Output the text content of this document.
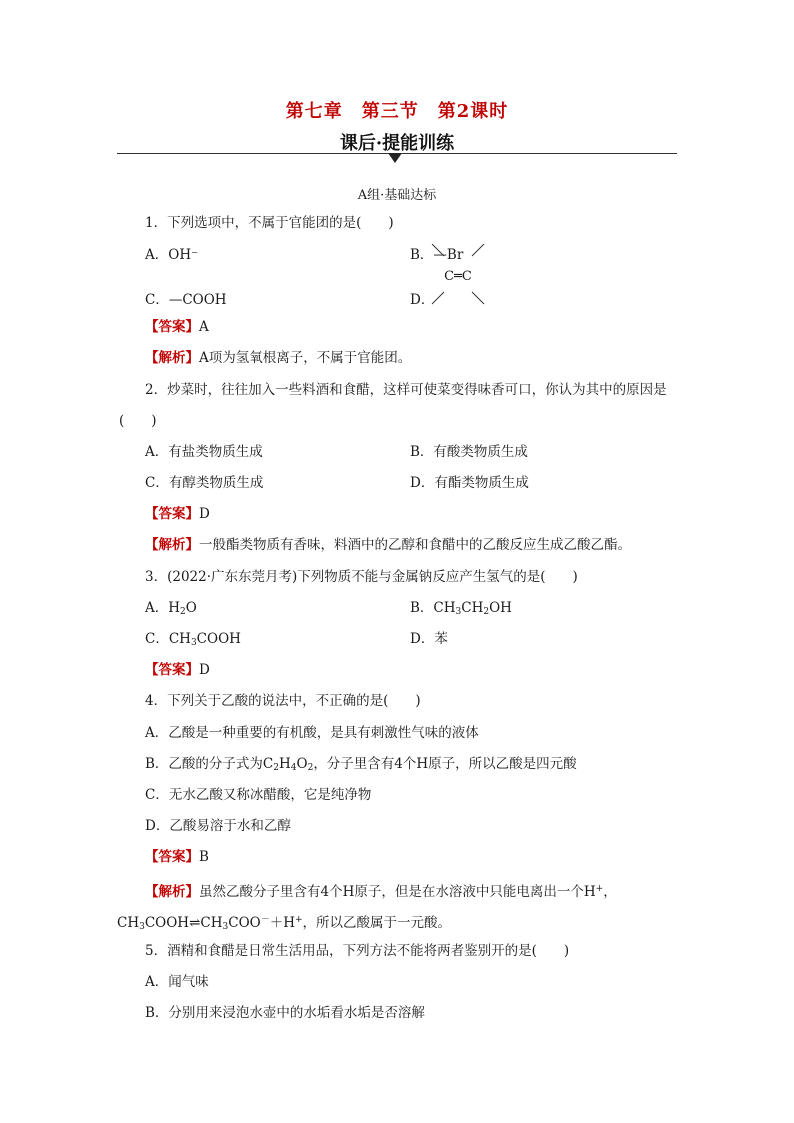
第七章　第三节　第2课时
课后·提能训练
A组·基础达标
1．下列选项中，不属于官能团的是(　　)
A．OH⁻	B．—Br
C．—COOH	D．
C═C
【答案】A
【解析】A项为氢氧根离子，不属于官能团。
2．炒菜时，往往加入一些料酒和食醋，这样可使菜变得味香可口，你认为其中的原因是
(　　)
A．有盐类物质生成	B．有酸类物质生成
C．有醇类物质生成	D．有酯类物质生成
【答案】D
【解析】一般酯类物质有香味，料酒中的乙醇和食醋中的乙酸反应生成乙酸乙酯。
3．(2022·广东东莞月考)下列物质不能与金属钠反应产生氢气的是(　　)
A．$H_2O$	B．$CH_3CH_2OH$
C．$CH_3COOH$	D．苯
【答案】D
4．下列关于乙酸的说法中，不正确的是(　　)
A．乙酸是一种重要的有机酸，是具有刺激性气味的液体
B．乙酸的分子式为$C_2H_4O_2$，分子里含有4个H原子，所以乙酸是四元酸
C．无水乙酸又称冰醋酸，它是纯净物
D．乙酸易溶于水和乙醇
【答案】B
【解析】虽然乙酸分子里含有4个H原子，但是在水溶液中只能电离出一个H+，
$CH_3COOH\rightleftharpoons CH_3COO^-+H^+$，所以乙酸属于一元酸。
5．酒精和食醋是日常生活用品，下列方法不能将两者鉴别开的是(　　)
A．闻气味
B．分别用来浸泡水壶中的水垢看水垢是否溶解
